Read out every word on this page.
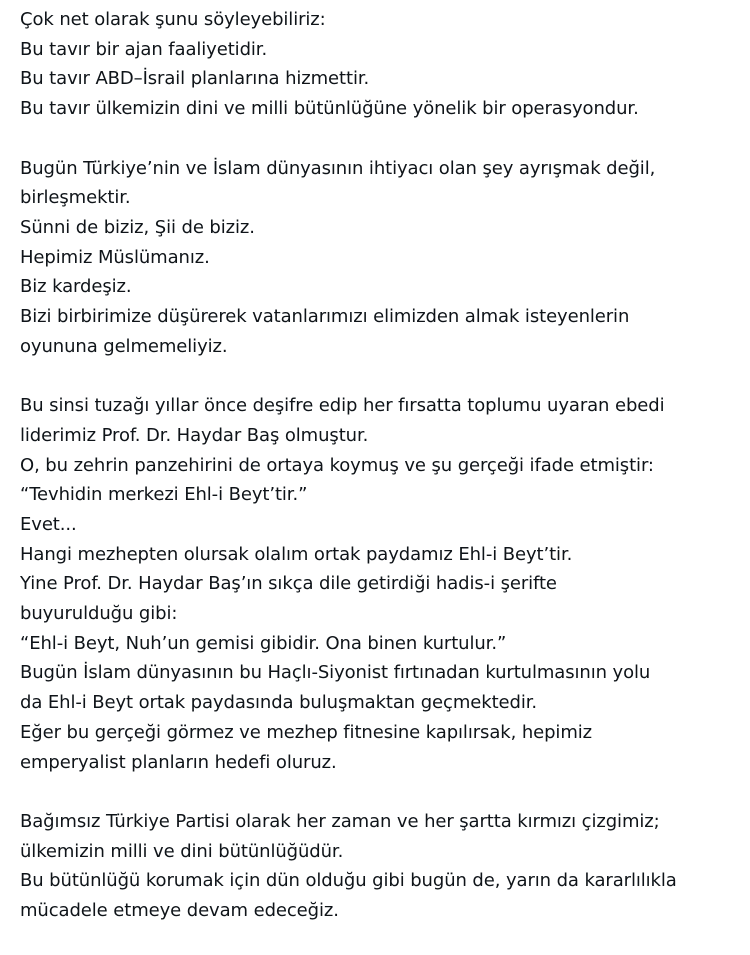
Çok net olarak şunu söyleyebiliriz:
Bu tavır bir ajan faaliyetidir.
Bu tavır ABD–İsrail planlarına hizmettir.
Bu tavır ülkemizin dini ve milli bütünlüğüne yönelik bir operasyondur.

Bugün Türkiye’nin ve İslam dünyasının ihtiyacı olan şey ayrışmak değil,
birleşmektir.
Sünni de biziz, Şii de biziz.
Hepimiz Müslümanız.
Biz kardeşiz.
Bizi birbirimize düşürerek vatanlarımızı elimizden almak isteyenlerin
oyununa gelmemeliyiz.

Bu sinsi tuzağı yıllar önce deşifre edip her fırsatta toplumu uyaran ebedi
liderimiz Prof. Dr. Haydar Baş olmuştur.
O, bu zehrin panzehirini de ortaya koymuş ve şu gerçeği ifade etmiştir:
“Tevhidin merkezi Ehl-i Beyt’tir.”
Evet...
Hangi mezhepten olursak olalım ortak paydamız Ehl-i Beyt’tir.
Yine Prof. Dr. Haydar Baş’ın sıkça dile getirdiği hadis-i şerifte
buyurulduğu gibi:
“Ehl-i Beyt, Nuh’un gemisi gibidir. Ona binen kurtulur.”
Bugün İslam dünyasının bu Haçlı-Siyonist fırtınadan kurtulmasının yolu
da Ehl-i Beyt ortak paydasında buluşmaktan geçmektedir.
Eğer bu gerçeği görmez ve mezhep fitnesine kapılırsak, hepimiz
emperyalist planların hedefi oluruz.

Bağımsız Türkiye Partisi olarak her zaman ve her şartta kırmızı çizgimiz;
ülkemizin milli ve dini bütünlüğüdür.
Bu bütünlüğü korumak için dün olduğu gibi bugün de, yarın da kararlılıkla
mücadele etmeye devam edeceğiz.
